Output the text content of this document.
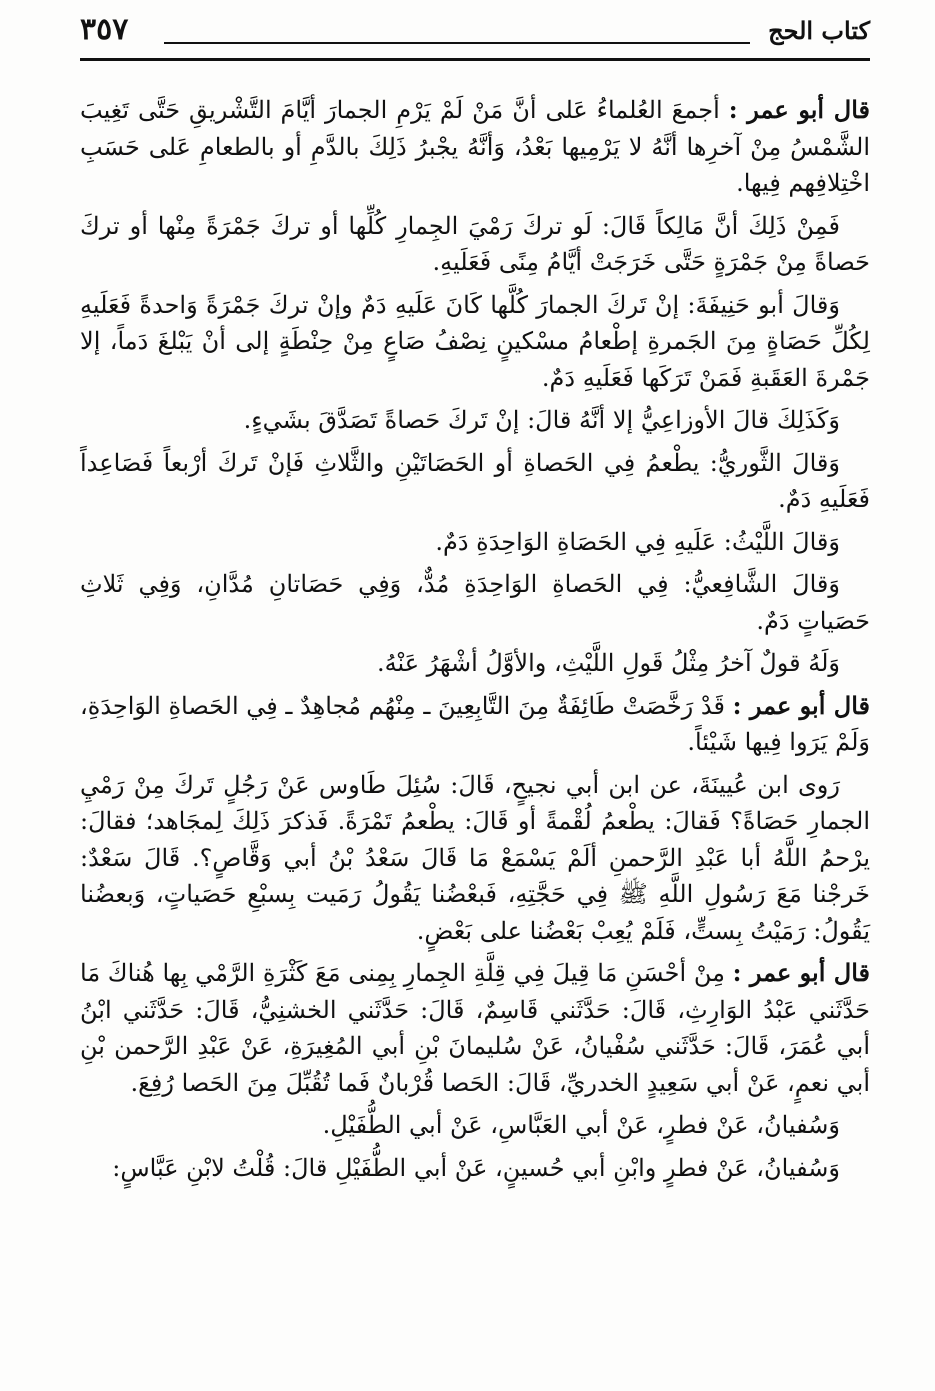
كتاب الحج
٣٥٧

قال أبو عمر : أجمعَ العُلماءُ عَلى أنَّ مَنْ لَمْ يَرْمِ الجمارَ أيَّامَ التَّشْريقِ حَتَّى تَغِيبَ الشَّمْسُ مِنْ آخرِها أنَّهُ لا يَرْمِيها بَعْدُ، وَأنَّهُ يجْبرُ ذَلِكَ بالدَّمِ أو بالطعامِ عَلى حَسَبِ اخْتِلافِهم فِيها.

فَمِنْ ذَلِكَ أنَّ مَالِكاً قَالَ: لَو تركَ رَمْيَ الجِمارِ كُلِّها أو تركَ جَمْرَةً مِنْها أو تركَ حَصاةً مِنْ جَمْرَةٍ حَتَّى خَرَجَتْ أيَّامُ مِنًى فَعَلَيهِ.

وَقالَ أبو حَنِيفَةَ: إنْ تَركَ الجمارَ كُلَّها كَانَ عَلَيهِ دَمٌ وإنْ تركَ جَمْرَةً وَاحدةً فَعَلَيهِ لِكُلِّ حَصَاةٍ مِنَ الجَمرةِ إطْعامُ مسْكينٍ نِصْفُ صَاعٍ مِنْ حِنْطَةٍ إلى أنْ يَبْلغَ دَماً، إلا جَمْرةَ العَقَبةِ فَمَنْ تَرَكَها فَعَلَيهِ دَمٌ.

وَكَذَلِكَ قالَ الأوزاعِيُّ إلا أنَّهُ قالَ: إنْ تَركَ حَصاةً تَصَدَّقَ بشَيءٍ.

وَقالَ الثَّوريُّ: يطْعمُ فِي الحَصاةِ أو الحَصَاتَيْنِ والثَّلاثِ فَإنْ تَركَ أرْبعاً فَصَاعِداً فَعَلَيهِ دَمٌ.

وَقالَ اللَّيْثُ: عَلَيهِ فِي الحَصَاةِ الوَاحِدَةِ دَمٌ.

وَقالَ الشَّافِعيُّ: فِي الحَصاةِ الوَاحِدَةِ مُدٌّ، وَفِي حَصَاتانِ مُدَّانِ، وَفِي ثَلاثِ حَصَياتٍ دَمٌ.

وَلَهُ قولٌ آخرُ مِثْلُ قَولِ اللَّيْثِ، والأوَّلُ أشْهَرُ عَنْهُ.

قال أبو عمر : قَدْ رَخَّصَتْ طَائِفَةٌ مِنَ التَّابِعِينَ ـ مِنْهُم مُجاهِدٌ ـ فِي الحَصاةِ الوَاحِدَةِ، وَلَمْ يَرَوا فِيها شَيْئاً.

رَوى ابن عُيينَةَ، عن ابن أبي نجيحٍ، قَالَ: سُئِلَ طَاوس عَنْ رَجُلٍ تَركَ مِنْ رَمْيِ الجمارِ حَصَاةً؟ فَقالَ: يطْعمُ لُقْمةً أو قَالَ: يطْعمُ تَمْرَةً. فَذكرَ ذَلِكَ لِمجَاهد؛ فقالَ: يرْحمُ اللَّهُ أبا عَبْدِ الرَّحمنِ ألَمْ يَسْمَعْ مَا قَالَ سَعْدُ بْنُ أبي وَقَّاصٍ؟. قَالَ سَعْدٌ: خَرجْنا مَعَ رَسُولِ اللَّهِ ﷺ فِي حَجَّتِهِ، فَبعْضُنا يَقُولُ رَمَيت بِسبْعِ حَصَياتٍ، وَبعضُنا يَقُولُ: رَمَيْتُ بِستٍّ، فَلَمْ يُعِبْ بَعْضُنا على بَعْضٍ.

قال أبو عمر : مِنْ أحْسَنِ مَا قِيلَ فِي قِلَّةِ الجِمارِ بِمِنى مَعَ كَثْرَةِ الرَّمْي بِها هُناكَ مَا حَدَّثَني عَبْدُ الوَارِثِ، قَالَ: حَدَّثَني قَاسِمٌ، قَالَ: حَدَّثَني الخشنِيُّ، قَالَ: حَدَّثَني ابْنُ أبي عُمَرَ، قَالَ: حَدَّثَني سُفْيانُ، عَنْ سُليمانَ بْنِ أبي المُغِيرَةِ، عَنْ عَبْدِ الرَّحمن بْنِ أبي نعمٍ، عَنْ أبي سَعِيدٍ الخدريِّ، قَالَ: الحَصا قُرْبانٌ فَما تُقُبِّلَ مِنَ الحَصا رُفِعَ.

وَسُفيانُ، عَنْ فطرٍ، عَنْ أبي العَبَّاسِ، عَنْ أبي الطُّفَيْلِ.

وَسُفيانُ، عَنْ فطرٍ وابْنِ أبي حُسينٍ، عَنْ أبي الطُّفَيْلِ قالَ: قُلْتُ لابْنِ عَبَّاسٍ:
